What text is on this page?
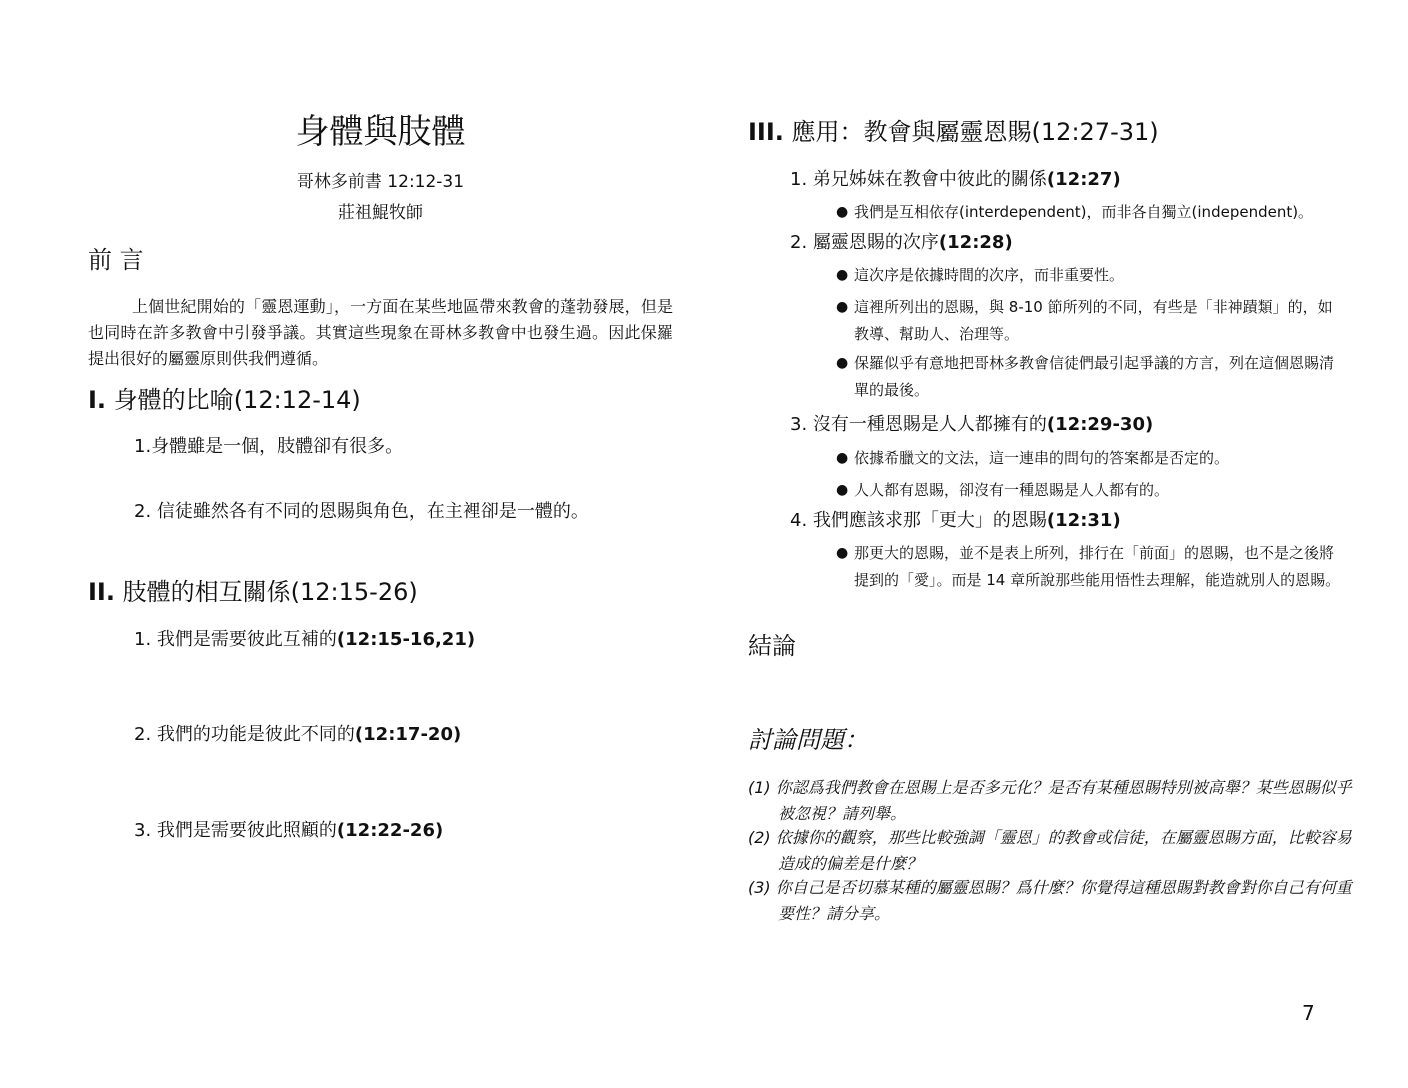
身體與肢體
哥林多前書 12:12-31
莊祖鯤牧師
前 言
上個世紀開始的「靈恩運動」，一方面在某些地區帶來教會的蓬勃發展，但是也同時在許多教會中引發爭議。其實這些現象在哥林多教會中也發生過。因此保羅提出很好的屬靈原則供我們遵循。
I. 身體的比喻(12:12-14)
1.身體雖是一個，肢體卻有很多。
2. 信徒雖然各有不同的恩賜與角色，在主裡卻是一體的。
II. 肢體的相互關係(12:15-26)
1. 我們是需要彼此互補的(12:15-16,21)
2. 我們的功能是彼此不同的(12:17-20)
3. 我們是需要彼此照顧的(12:22-26)
III. 應用：教會與屬靈恩賜(12:27-31)
1. 弟兄姊妹在教會中彼此的關係(12:27)
● 我們是互相依存(interdependent)，而非各自獨立(independent)。
2. 屬靈恩賜的次序(12:28)
● 這次序是依據時間的次序，而非重要性。
● 這裡所列出的恩賜，與 8-10 節所列的不同，有些是「非神蹟類」的，如教導、幫助人、治理等。
● 保羅似乎有意地把哥林多教會信徒們最引起爭議的方言，列在這個恩賜清單的最後。
3. 沒有一種恩賜是人人都擁有的(12:29-30)
● 依據希臘文的文法，這一連串的問句的答案都是否定的。
● 人人都有恩賜，卻沒有一種恩賜是人人都有的。
4. 我們應該求那「更大」的恩賜(12:31)
● 那更大的恩賜，並不是表上所列，排行在「前面」的恩賜，也不是之後將提到的「愛」。而是 14 章所說那些能用悟性去理解，能造就別人的恩賜。
結論
討論問題：
(1) 你認爲我們教會在恩賜上是否多元化？是否有某種恩賜特別被高舉？某些恩賜似乎被忽視？請列舉。
(2) 依據你的觀察，那些比較強調「靈恩」的教會或信徒，在屬靈恩賜方面，比較容易造成的偏差是什麼？
(3) 你自己是否切慕某種的屬靈恩賜？爲什麼？你覺得這種恩賜對教會對你自己有何重要性？請分享。
7
